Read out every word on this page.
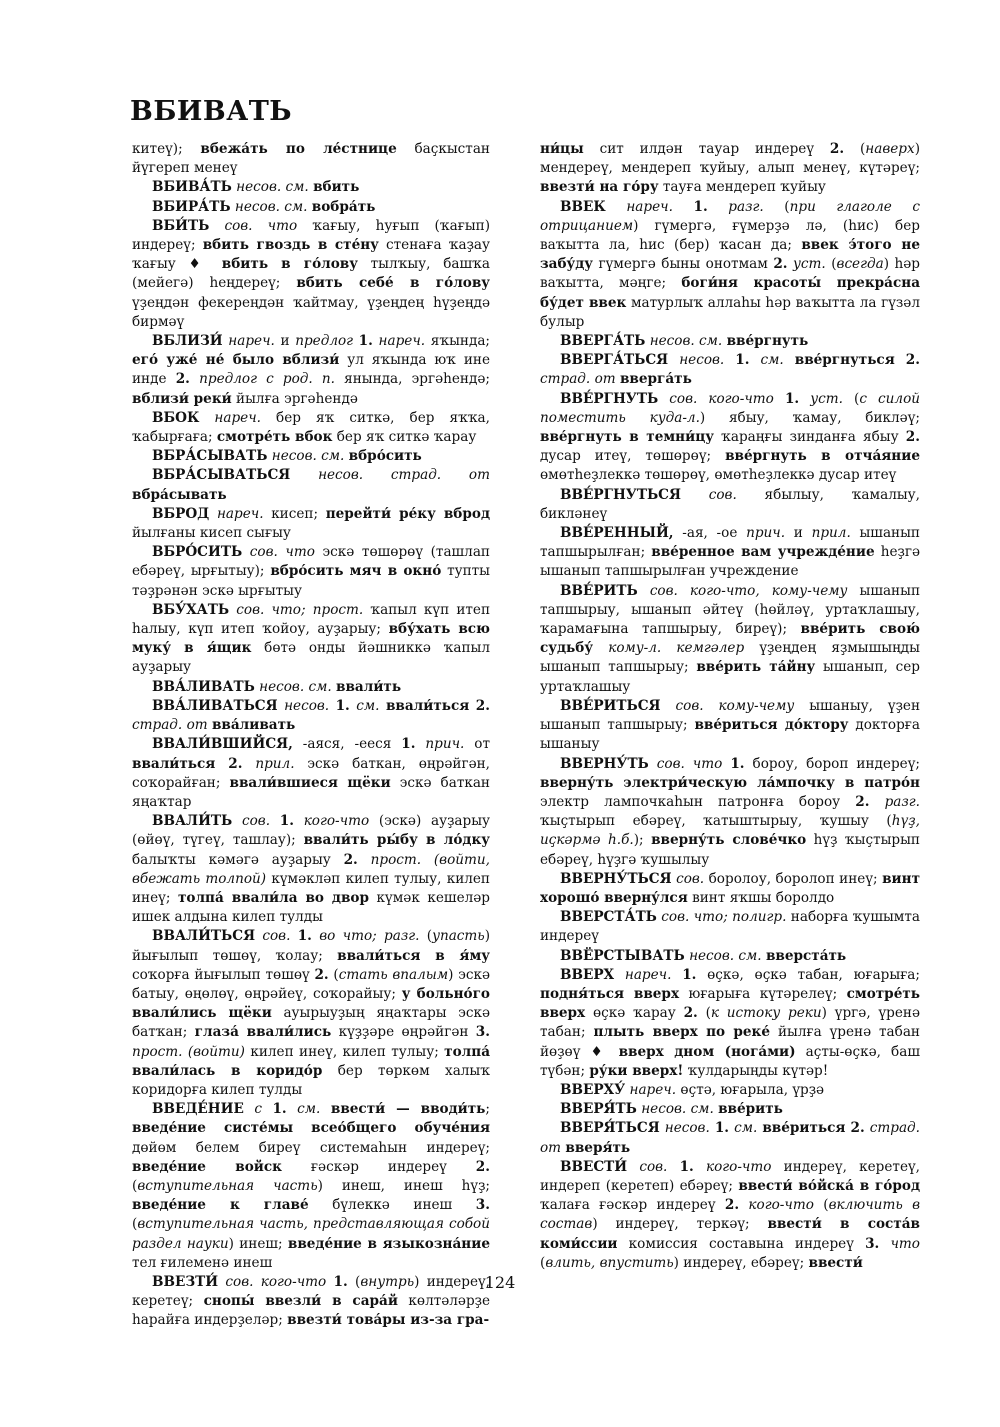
ВБИВАТЬ

китеү); вбежа́ть по ле́стнице баҫкыстан йүгереп менеү

ВБИВА́ТЬ несов. см. вбить

ВБИРА́ТЬ несов. см. вобра́ть

ВБИ́ТЬ сов. что ҡағыу, һуғып (ҡағып) индереү; вбить гвоздь в сте́ну стенаға ҡаҙау ҡағыу ♦ вбить в го́лову тылҡыу, башҡа (мейегә) һеңдереү; вбить себе́ в го́лову үҙеңдән фекереңдән ҡайтмау, үҙеңдең һүҙеңдә бирмәү

ВБЛИЗИ́ нареч. и предлог 1. нареч. яҡында; его́ уже́ не́ было вблизи́ ул яҡында юҡ ине инде 2. предлог с род. п. янында, эргәһендә; вблизи́ реки́ йылға эргәһендә

ВБОК нареч. бер яҡ ситкә, бер яҡҡа, ҡабырғаға; смотре́ть вбок бер яҡ ситкә ҡарау

ВБРА́СЫВАТЬ несов. см. вбро́сить

ВБРА́СЫВАТЬСЯ несов. страд. от вбра́сывать

ВБРОД нареч. кисеп; перейти́ ре́ку вброд йылғаны кисеп сығыу

ВБРО́СИТЬ сов. что эскә төшөрөү (ташлап ебәреү, ырғытыу); вбро́сить мяч в окно́ тупты тәҙрәнән эскә ырғытыу

ВБУ́ХАТЬ сов. что; прост. ҡапыл күп итеп һалыу, күп итеп ҡойоу, ауҙарыу; вбу́хать всю муку́ в я́щик бөтә онды йәшниккә ҡапыл ауҙарыу

ВВА́ЛИВАТЬ несов. см. ввали́ть

ВВА́ЛИВАТЬСЯ несов. 1. см. ввали́ться 2. страд. от вва́ливать

ВВАЛИ́ВШИЙСЯ, -аяся, -ееся 1. прич. от ввали́ться 2. прил. эскә баткан, өңрәйгән, соҡорайған; ввали́вшиеся щёки эскә баткан яңаҡтар

ВВАЛИ́ТЬ сов. 1. кого-что (эскә) ауҙарыу (өйөү, түгеү, ташлау); ввали́ть ры́бу в ло́дку балыҡты кәмәгә ауҙарыу 2. прост. (войти, вбежать толпой) күмәкләп килеп тулыу, килеп инеү; толпа́ ввали́ла во двор күмәк кешеләр ишек алдына килеп тулды

ВВАЛИ́ТЬСЯ сов. 1. во что; разг. (упасть) йығылып төшөү, ҡолау; ввали́ться в я́му соҡорға йығылып төшөү 2. (стать впалым) эскә батыу, өңөлөү, өңрәйеү, соҡорайыу; у больно́го ввали́лись щёки ауырыуҙың яңаҡтары эскә батҡан; глаза́ ввали́лись күҙҙәре өңрәйгән 3. прост. (войти) килеп инеү, килеп тулыу; толпа́ ввали́лась в коридо́р бер төркөм халыҡ коридорға килеп тулды

ВВЕДЕ́НИЕ с 1. см. ввести́ — вводи́ть; введе́ние систе́мы всео́бщего обуче́ния дөйөм белем биреү системаһын индереү; введе́ние войск ғәскәр индереү 2. (вступительная часть) инеш, инеш һүҙ; введе́ние к главе́ бүлеккә инеш 3. (вступительная часть, представляющая собой раздел науки) инеш; введе́ние в языкозна́ние тел ғилеменә инеш

ВВЕЗТИ́ сов. кого-что 1. (внутрь) индереү, керетеү; снопы́ ввезли́ в сара́й көлтәләрҙе һарайға индерҙеләр; ввезти́ това́ры из-за гра-

ни́цы сит илдән тауар индереү 2. (наверх) мендереү, мендереп ҡуйыу, алып менеү, күтәреү; ввезти́ на го́ру тауға мендереп ҡуйыу

ВВЕК нареч. 1. разг. (при глаголе с отрицанием) гүмергә, ғүмерҙә лә, (һис) бер ваҡытта ла, һис (бер) ҡасан да; ввек э́того не забу́ду гүмергә быны онотмам 2. уст. (всегда) һәр ваҡытта, мәңге; боги́ня красоты́ прекра́сна бу́дет ввек матурлыҡ аллаһы һәр ваҡытта ла гүзәл булыр

ВВЕРГА́ТЬ несов. см. вве́ргнуть

ВВЕРГА́ТЬСЯ несов. 1. см. вве́ргнуться 2. страд. от вверга́ть

ВВЕ́РГНУТЬ сов. кого-что 1. уст. (с силой поместить куда-л.) ябыу, ҡамау, бикләү; вве́ргнуть в темни́цу ҡараңғы зинданға ябыу 2. дусар итеү, төшөрөү; вве́ргнуть в отча́яние өмөтһеҙлеккә төшөрөү, өмөтһеҙлеккә дусар итеү

ВВЕ́РГНУТЬСЯ сов. ябылыу, ҡамалыу, бикләнеү

ВВЕ́РЕННЫЙ, -ая, -ое прич. и прил. ышанып тапшырылған; вве́ренное вам учрежде́ние һеҙгә ышанып тапшырылған учреждение

ВВЕ́РИТЬ сов. кого-что, кому-чему ышанып тапшырыу, ышанып әйтеү (һөйләү, уртаҡлашыу, ҡарамағына тапшырыу, биреү); вве́рить свою́ судьбу́ кому-л. кемгәлер үҙеңдең яҙмышыңды ышанып тапшырыу; вве́рить та́йну ышанып, сер уртаҡлашыу

ВВЕ́РИТЬСЯ сов. кому-чему ышаныу, үҙен ышанып тапшырыу; вве́риться до́ктору докторға ышаныу

ВВЕРНУ́ТЬ сов. что 1. бороу, бороп индереү; вверну́ть электри́ческую ла́мпочку в патро́н электр лампочкаһын патронға бороу 2. разг. ҡыҫтырып ебәреү, ҡатыштырыу, ҡушыу (һүҙ, иҫкәрмә һ.б.); вверну́ть слове́чко һүҙ ҡыҫтырып ебәреү, һүҙгә ҡушылыу

ВВЕРНУ́ТЬСЯ сов. боролоу, боролоп инеү; винт хорошо́ вверну́лся винт яҡшы боролдо

ВВЕРСТА́ТЬ сов. что; полигр. наборға ҡушымта индереү

ВВЁРСТЫВАТЬ несов. см. вверста́ть

ВВЕРХ нареч. 1. өҫкә, өҫкә табан, юғарыға; подня́ться вверх юғарыға күтәрелеү; смотре́ть вверх өҫкә ҡарау 2. (к истоку реки) үргә, үренә табан; плыть вверх по реке́ йылға үренә табан йөҙөү ♦ вверх дном (нога́ми) аҫты-өҫкә, баш түбән; ру́ки вверх! ҡулдарыңды күтәр!

ВВЕРХУ́ нареч. өҫтә, юғарыла, үрҙә

ВВЕРЯ́ТЬ несов. см. вве́рить

ВВЕРЯ́ТЬСЯ несов. 1. см. вве́риться 2. страд. от вверя́ть

ВВЕСТИ́ сов. 1. кого-что индереү, керетеү, индереп (керетеп) ебәреү; ввести́ во́йска́ в го́род ҡалаға ғәскәр индереү 2. кого-что (включить в состав) индереү, теркәү; ввести́ в соста́в коми́ссии комиссия составына индереү 3. что (влить, впустить) индереү, ебәреү; ввести́

124
